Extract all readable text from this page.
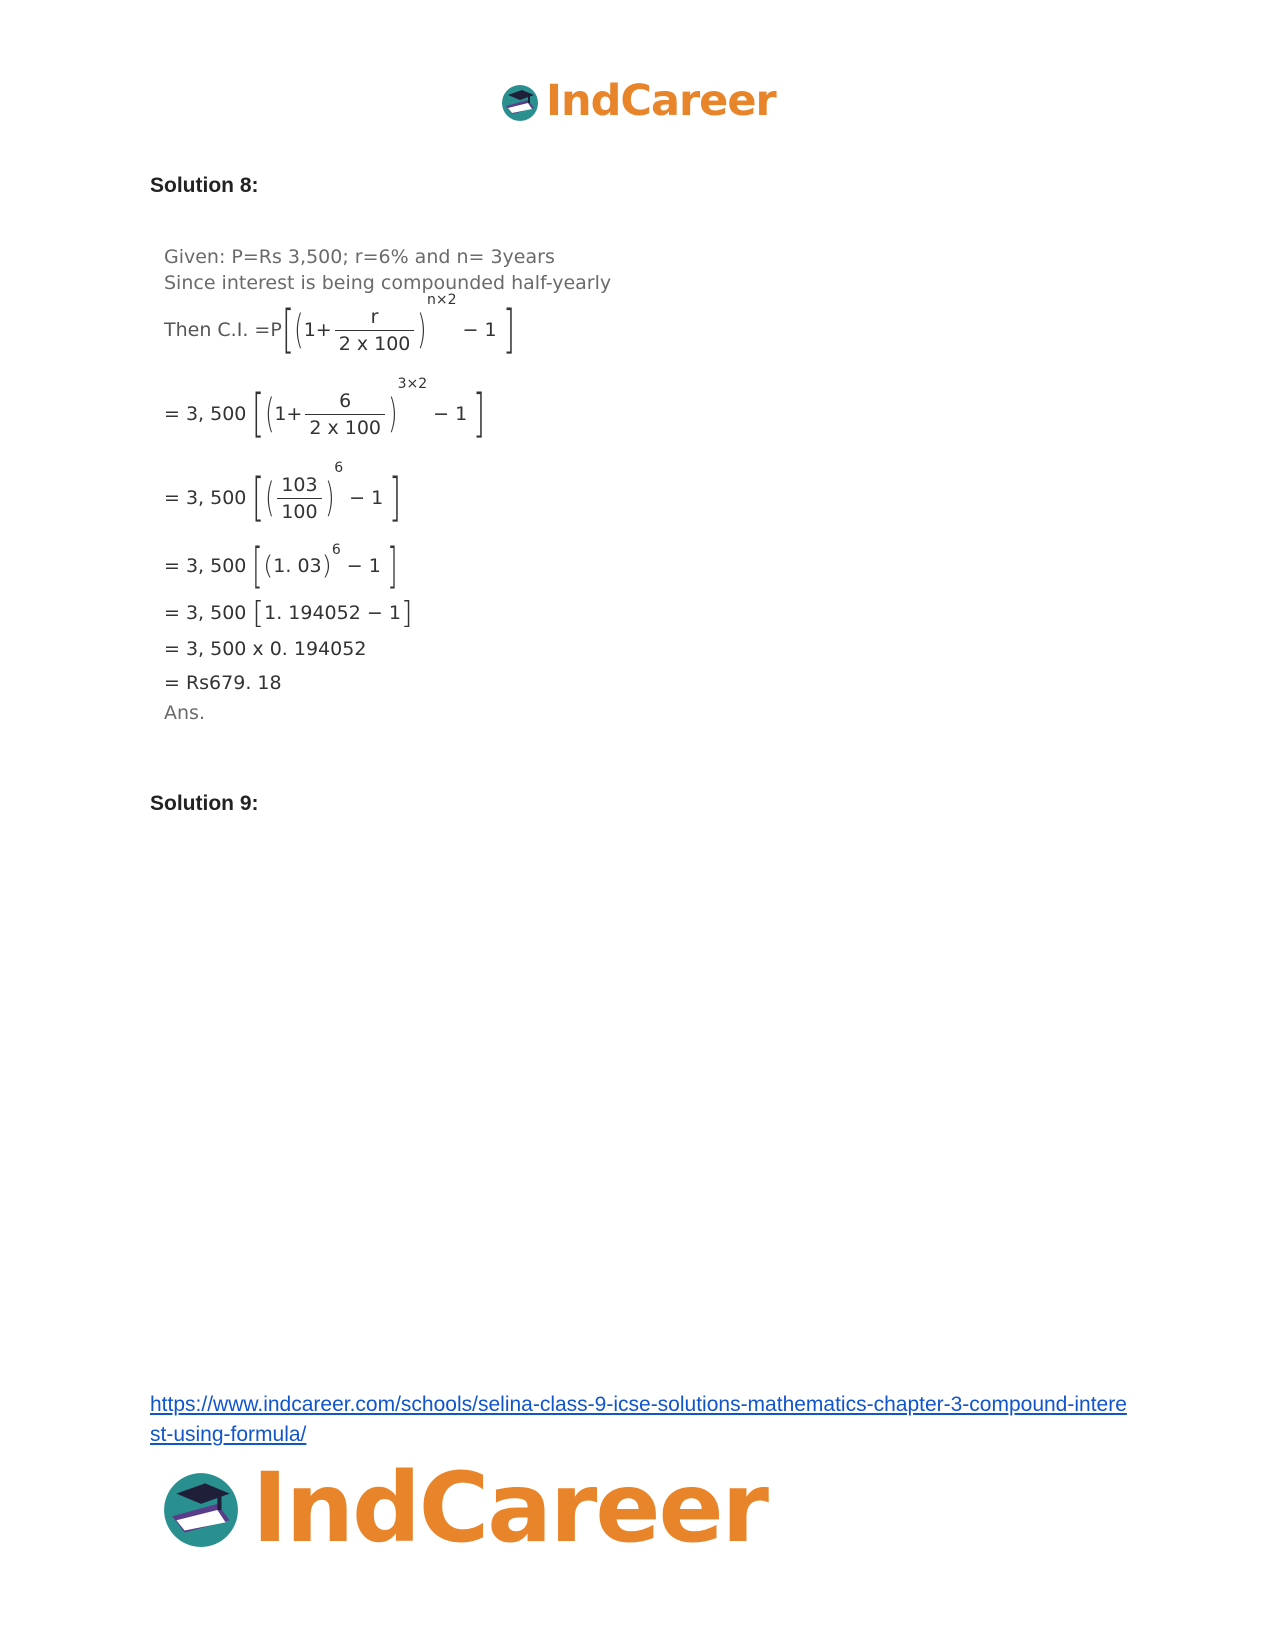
IndCareer
Solution 8:
Given: P=Rs 3,500; r=6% and n= 3years
Since interest is being compounded half-yearly
Then C.I. =P [ ( $1+ \frac{r}{2 x 100}$ )
n×2
− 1 ]
= 3, 500 [ ( $1+ \frac{6}{2 x 100}$ )
3×2
− 1 ]
= 3, 500 [ ( $\frac{103}{100}$ )
6
− 1 ]
= 3, 500 [ ( 1. 03 )
6
− 1 ]
= 3, 500 [ 1. 194052 − 1 ]
= 3, 500 x 0. 194052
= Rs679. 18
Ans.
Solution 9:
https://www.indcareer.com/schools/selina-class-9-icse-solutions-mathematics-chapter-3-compound-interest-using-formula/
IndCareer
